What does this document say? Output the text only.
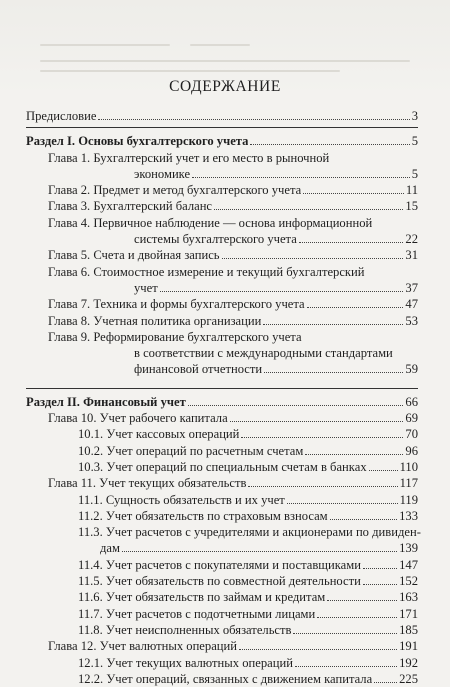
СОДЕРЖАНИЕ
Предисловие	3
Раздел I. Основы бухгалтерского учета	5
Глава 1. Бухгалтерский учет и его место в рыночной
экономике	5
Глава 2. Предмет и метод бухгалтерского учета	11
Глава 3. Бухгалтерский баланс	15
Глава 4. Первичное наблюдение — основа информационной
системы бухгалтерского учета	22
Глава 5. Счета и двойная запись	31
Глава 6. Стоимостное измерение и текущий бухгалтерский
учет	37
Глава 7. Техника и формы бухгалтерского учета	47
Глава 8. Учетная политика организации	53
Глава 9. Реформирование бухгалтерского учета
в соответствии с международными стандартами
финансовой отчетности	59
Раздел II. Финансовый учет	66
Глава 10. Учет рабочего капитала	69
10.1. Учет кассовых операций	70
10.2. Учет операций по расчетным счетам	96
10.3. Учет операций по специальным счетам в банках	110
Глава 11. Учет текущих обязательств	117
11.1. Сущность обязательств и их учет	119
11.2. Учет обязательств по страховым взносам	133
11.3. Учет расчетов с учредителями и акционерами по дивиден-
дам	139
11.4. Учет расчетов с покупателями и поставщиками	147
11.5. Учет обязательств по совместной деятельности	152
11.6. Учет обязательств по займам и кредитам	163
11.7. Учет расчетов с подотчетными лицами	171
11.8. Учет неисполненных обязательств	185
Глава 12. Учет валютных операций	191
12.1. Учет текущих валютных операций	192
12.2. Учет операций, связанных с движением капитала 225
